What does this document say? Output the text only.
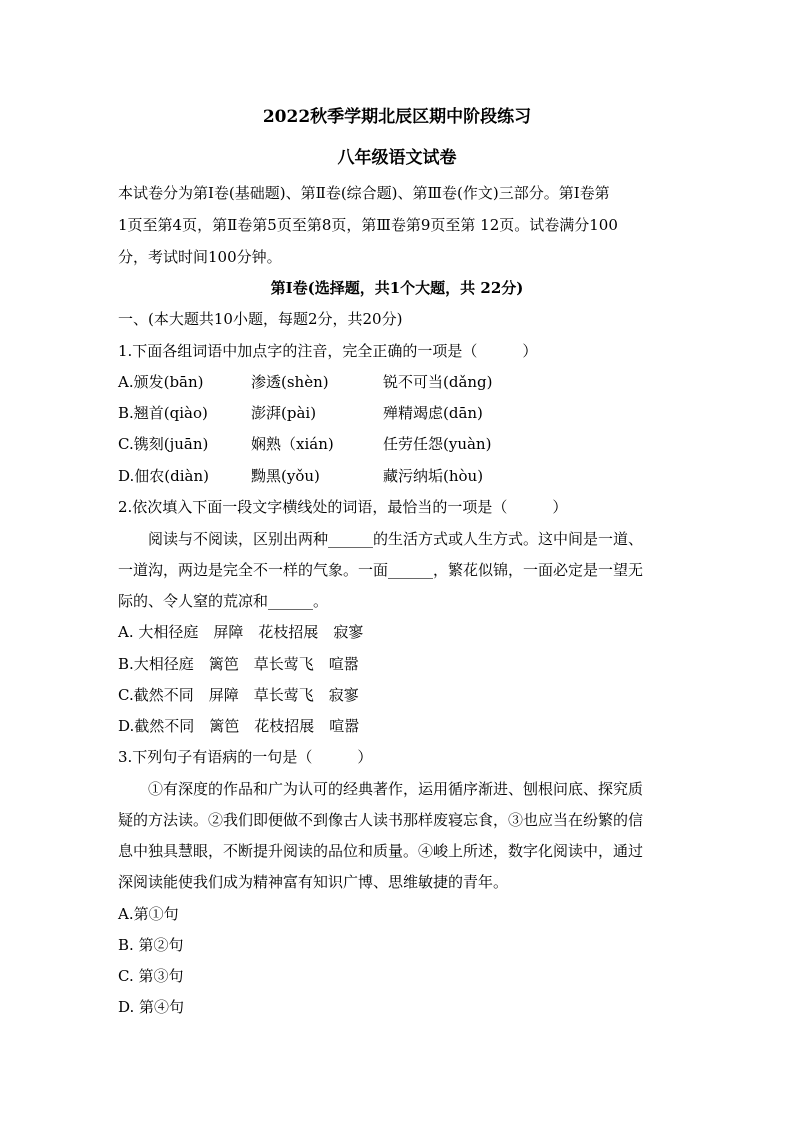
2022秋季学期北辰区期中阶段练习
八年级语文试卷
本试卷分为第Ⅰ卷(基础题)、第Ⅱ卷(综合题)、第Ⅲ卷(作文)三部分。第Ⅰ卷第
1页至第4页，第Ⅱ卷第5页至第8页，第Ⅲ卷第9页至第 12页。试卷满分100
分，考试时间100分钟。
第Ⅰ卷(选择题，共1个大题，共 22分)
一、(本大题共10小题，每题2分，共20分)
1.下面各组词语中加点字的注音，完全正确的一项是（　　　）
A.颁发(bān)	渗透(shèn)	锐不可当(dǎng)
B.翘首(qiào)	澎湃(pài)	殚精竭虑(dān)
C.镌刻(juān)	娴熟（xián)	任劳任怨(yuàn)
D.佃农(diàn)	黝黑(yǒu)	藏污纳垢(hòu)
2.依次填入下面一段文字横线处的词语，最恰当的一项是（　　　）
阅读与不阅读，区别出两种______的生活方式或人生方式。这中间是一道、
一道沟，两边是完全不一样的气象。一面______，繁花似锦，一面必定是一望无
际的、令人窒的荒凉和______。
A. 大相径庭　屏障　花枝招展　寂寥
B.大相径庭　篱笆　草长莺飞　喧嚣
C.截然不同　屏障　草长莺飞　寂寥
D.截然不同　篱笆　花枝招展　喧嚣
3.下列句子有语病的一句是（　　　）
①有深度的作品和广为认可的经典著作，运用循序渐进、刨根问底、探究质
疑的方法读。②我们即便做不到像古人读书那样废寝忘食，③也应当在纷繁的信
息中独具慧眼，不断提升阅读的品位和质量。④峻上所述，数字化阅读中，通过
深阅读能使我们成为精神富有知识广博、思维敏捷的青年。
A.第①句
B. 第②句
C. 第③句
D. 第④句
